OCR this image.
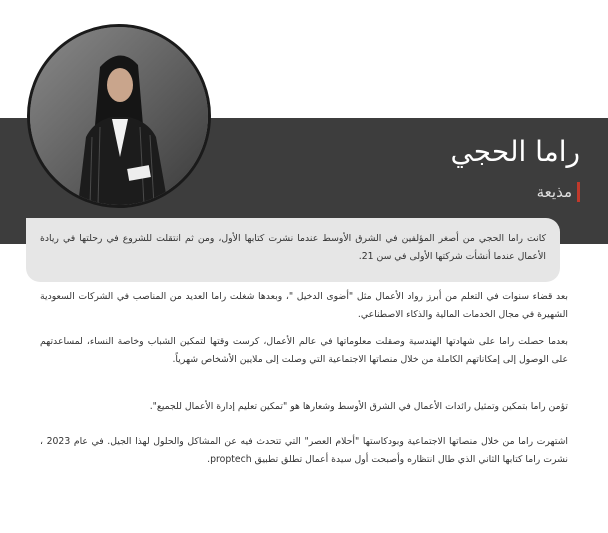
راما الحجي
مذيعة

كانت راما الحجي من أصغر المؤلفين في الشرق الأوسط عندما نشرت كتابها الأول، ومن ثم انتقلت للشروع في رحلتها في ريادة الأعمال عندما أنشأت شركتها الأولى في سن 21.

بعد قضاء سنوات في التعلم من أبرز رواد الأعمال مثل "أضوى الدخيل "، وبعدها شغلت راما العديد من المناصب في الشركات السعودية الشهيرة في مجال الخدمات المالية والذكاء الاصطناعي.

بعدما حصلت راما على شهادتها الهندسية وصقلت معلوماتها في عالم الأعمال، كرست وقتها لتمكين الشباب وخاصة النساء، لمساعدتهم على الوصول إلى إمكاناتهم الكاملة من خلال منصاتها الاجتماعية التي وصلت إلى ملايين الأشخاص شهرياً.

تؤمن راما بتمكين وتمثيل رائدات الأعمال في الشرق الأوسط وشعارها هو "تمكين تعليم إدارة الأعمال للجميع".

اشتهرت راما من خلال منصاتها الاجتماعية وبودكاستها "أحلام العصر" التي تتحدث فيه عن المشاكل والحلول لهذا الجيل. في عام 2023 ، نشرت راما كتابها الثاني الذي طال انتظاره وأصبحت أول سيدة أعمال تطلق تطبيق proptech.
